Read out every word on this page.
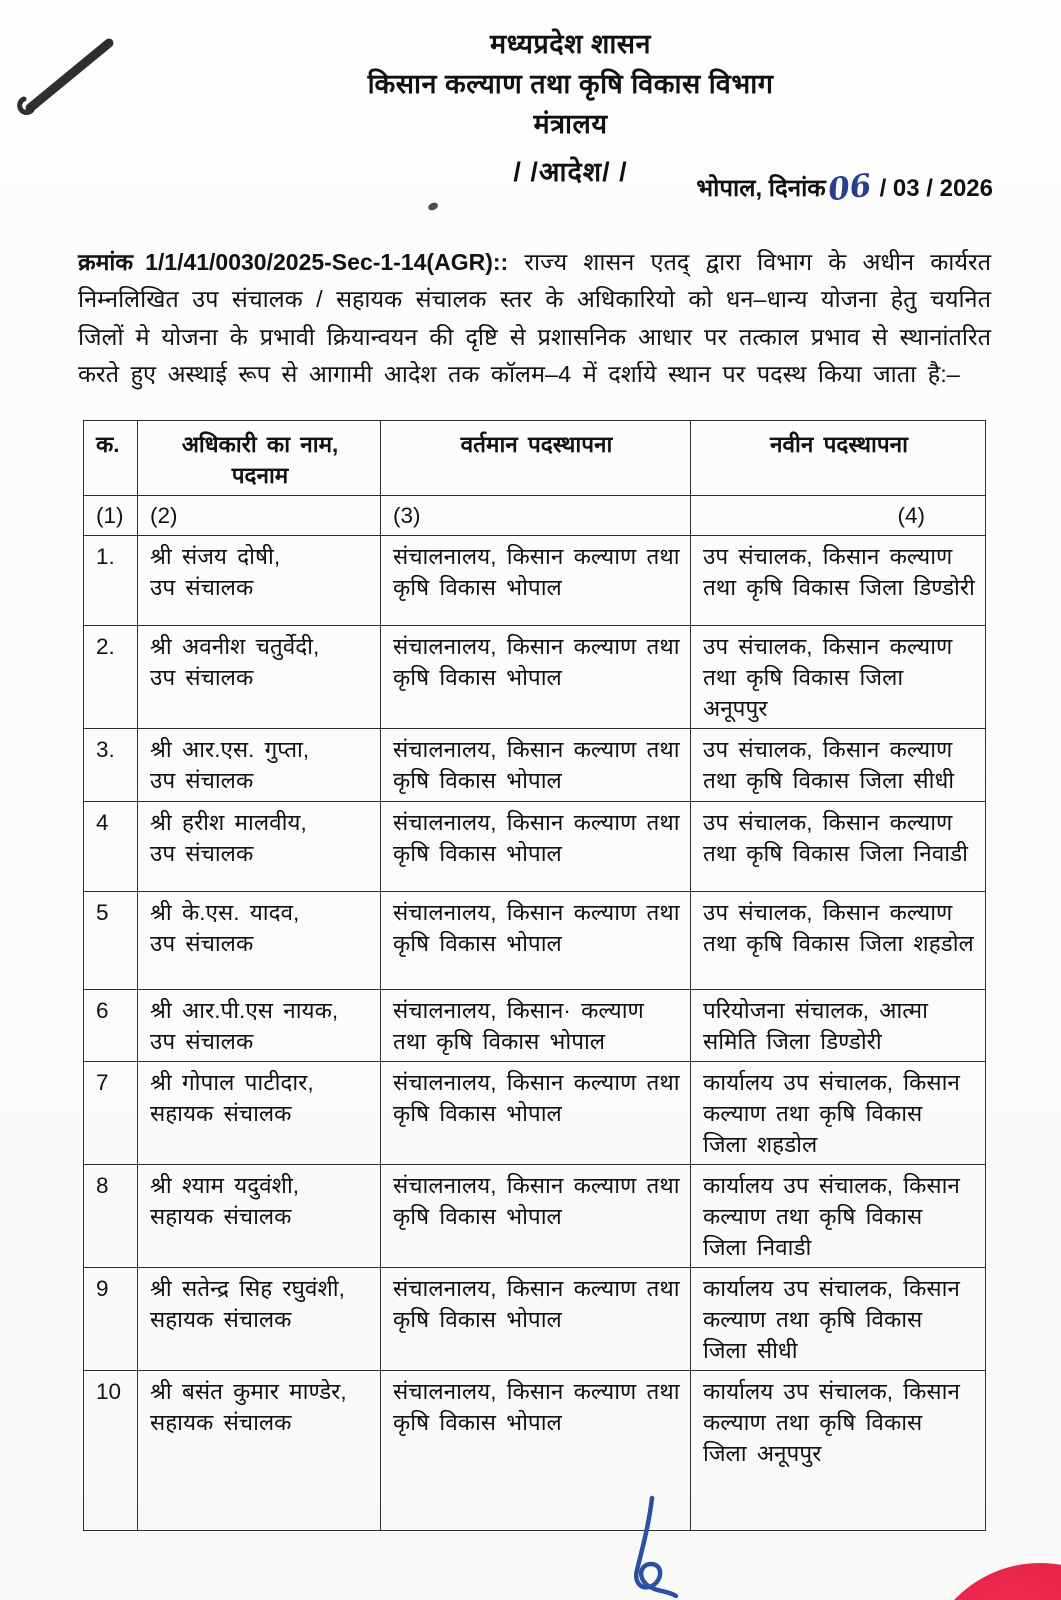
मध्यप्रदेश शासन
किसान कल्याण तथा कृषि विकास विभाग
मंत्रालय
/ /आदेश/ /
भोपाल, दिनांक06 / 03 / 2026

क्रमांक 1/1/41/0030/2025-Sec-1-14(AGR):: राज्य शासन एतद् द्वारा विभाग के अधीन कार्यरत निम्नलिखित उप संचालक / सहायक संचालक स्तर के अधिकारियो को धन–धान्य योजना हेतु चयनित जिलों मे योजना के प्रभावी क्रियान्वयन की दृष्टि से प्रशासनिक आधार पर तत्काल प्रभाव से स्थानांतरित करते हुए अस्थाई रूप से आगामी आदेश तक कॉलम–4 में दर्शाये स्थान पर पदस्थ किया जाता है:–

क.	अधिकारी का नाम,
पदनाम	वर्तमान पदस्थापना	नवीन पदस्थापना
(1)	(2)	(3)	(4)
1.	श्री संजय दोषी,
उप संचालक	संचालनालय, किसान कल्याण तथा कृषि विकास भोपाल	उप संचालक, किसान कल्याण तथा कृषि विकास जिला डिण्डोरी
2.	श्री अवनीश चतुर्वेदी,
उप संचालक	संचालनालय, किसान कल्याण तथा कृषि विकास भोपाल	उप संचालक, किसान कल्याण तथा कृषि विकास जिला अनूपपुर
3.	श्री आर.एस. गुप्ता,
उप संचालक	संचालनालय, किसान कल्याण तथा कृषि विकास भोपाल	उप संचालक, किसान कल्याण तथा कृषि विकास जिला सीधी
4	श्री हरीश मालवीय,
उप संचालक	संचालनालय, किसान कल्याण तथा कृषि विकास भोपाल	उप संचालक, किसान कल्याण तथा कृषि विकास जिला निवाडी
5	श्री के.एस. यादव,
उप संचालक	संचालनालय, किसान कल्याण तथा कृषि विकास भोपाल	उप संचालक, किसान कल्याण तथा कृषि विकास जिला शहडोल
6	श्री आर.पी.एस नायक,
उप संचालक	संचालनालय, किसान· कल्याण तथा कृषि विकास भोपाल	परियोजना संचालक, आत्मा समिति जिला डिण्डोरी
7	श्री गोपाल पाटीदार,
सहायक संचालक	संचालनालय, किसान कल्याण तथा कृषि विकास भोपाल	कार्यालय उप संचालक, किसान कल्याण तथा कृषि विकास जिला शहडोल
8	श्री श्याम यदुवंशी,
सहायक संचालक	संचालनालय, किसान कल्याण तथा कृषि विकास भोपाल	कार्यालय उप संचालक, किसान कल्याण तथा कृषि विकास जिला निवाडी
9	श्री सतेन्द्र सिह रघुवंशी,
सहायक संचालक	संचालनालय, किसान कल्याण तथा कृषि विकास भोपाल	कार्यालय उप संचालक, किसान कल्याण तथा कृषि विकास जिला सीधी
10	श्री बसंत कुमार माण्डेर,
सहायक संचालक	संचालनालय, किसान कल्याण तथा कृषि विकास भोपाल	कार्यालय उप संचालक, किसान कल्याण तथा कृषि विकास जिला अनूपपुर
